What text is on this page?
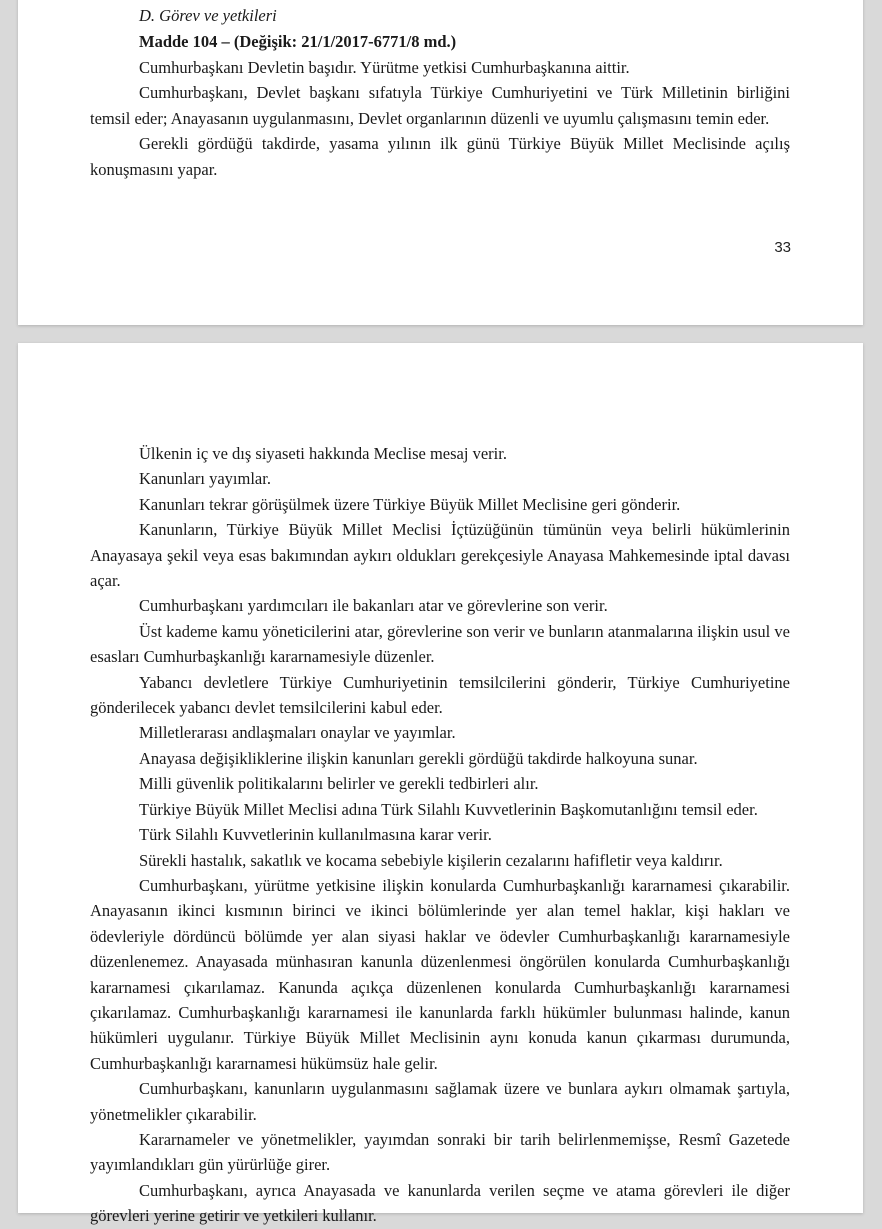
D. Görev ve yetkileri
Madde 104 – (Değişik: 21/1/2017-6771/8 md.)

Cumhurbaşkanı Devletin başıdır. Yürütme yetkisi Cumhurbaşkanına aittir.

Cumhurbaşkanı, Devlet başkanı sıfatıyla Türkiye Cumhuriyetini ve Türk Milletinin birliğini temsil eder; Anayasanın uygulanmasını, Devlet organlarının düzenli ve uyumlu çalışmasını temin eder.

Gerekli gördüğü takdirde, yasama yılının ilk günü Türkiye Büyük Millet Meclisinde açılış konuşmasını yapar.

33

Ülkenin iç ve dış siyaseti hakkında Meclise mesaj verir.

Kanunları yayımlar.

Kanunları tekrar görüşülmek üzere Türkiye Büyük Millet Meclisine geri gönderir.

Kanunların, Türkiye Büyük Millet Meclisi İçtüzüğünün tümünün veya belirli hükümlerinin Anayasaya şekil veya esas bakımından aykırı oldukları gerekçesiyle Anayasa Mahkemesinde iptal davası açar.

Cumhurbaşkanı yardımcıları ile bakanları atar ve görevlerine son verir.

Üst kademe kamu yöneticilerini atar, görevlerine son verir ve bunların atanmalarına ilişkin usul ve esasları Cumhurbaşkanlığı kararnamesiyle düzenler.

Yabancı devletlere Türkiye Cumhuriyetinin temsilcilerini gönderir, Türkiye Cumhuriyetine gönderilecek yabancı devlet temsilcilerini kabul eder.

Milletlerarası andlaşmaları onaylar ve yayımlar.

Anayasa değişikliklerine ilişkin kanunları gerekli gördüğü takdirde halkoyuna sunar.

Milli güvenlik politikalarını belirler ve gerekli tedbirleri alır.

Türkiye Büyük Millet Meclisi adına Türk Silahlı Kuvvetlerinin Başkomutanlığını temsil eder.

Türk Silahlı Kuvvetlerinin kullanılmasına karar verir.

Sürekli hastalık, sakatlık ve kocama sebebiyle kişilerin cezalarını hafifletir veya kaldırır.

Cumhurbaşkanı, yürütme yetkisine ilişkin konularda Cumhurbaşkanlığı kararnamesi çıkarabilir. Anayasanın ikinci kısmının birinci ve ikinci bölümlerinde yer alan temel haklar, kişi hakları ve ödevleriyle dördüncü bölümde yer alan siyasi haklar ve ödevler Cumhurbaşkanlığı kararnamesiyle düzenlenemez. Anayasada münhasıran kanunla düzenlenmesi öngörülen konularda Cumhurbaşkanlığı kararnamesi çıkarılamaz. Kanunda açıkça düzenlenen konularda Cumhurbaşkanlığı kararnamesi çıkarılamaz. Cumhurbaşkanlığı kararnamesi ile kanunlarda farklı hükümler bulunması halinde, kanun hükümleri uygulanır. Türkiye Büyük Millet Meclisinin aynı konuda kanun çıkarması durumunda, Cumhurbaşkanlığı kararnamesi hükümsüz hale gelir.

Cumhurbaşkanı, kanunların uygulanmasını sağlamak üzere ve bunlara aykırı olmamak şartıyla, yönetmelikler çıkarabilir.

Kararnameler ve yönetmelikler, yayımdan sonraki bir tarih belirlenmemişse, Resmî Gazetede yayımlandıkları gün yürürlüğe girer.

Cumhurbaşkanı, ayrıca Anayasada ve kanunlarda verilen seçme ve atama görevleri ile diğer görevleri yerine getirir ve yetkileri kullanır.
